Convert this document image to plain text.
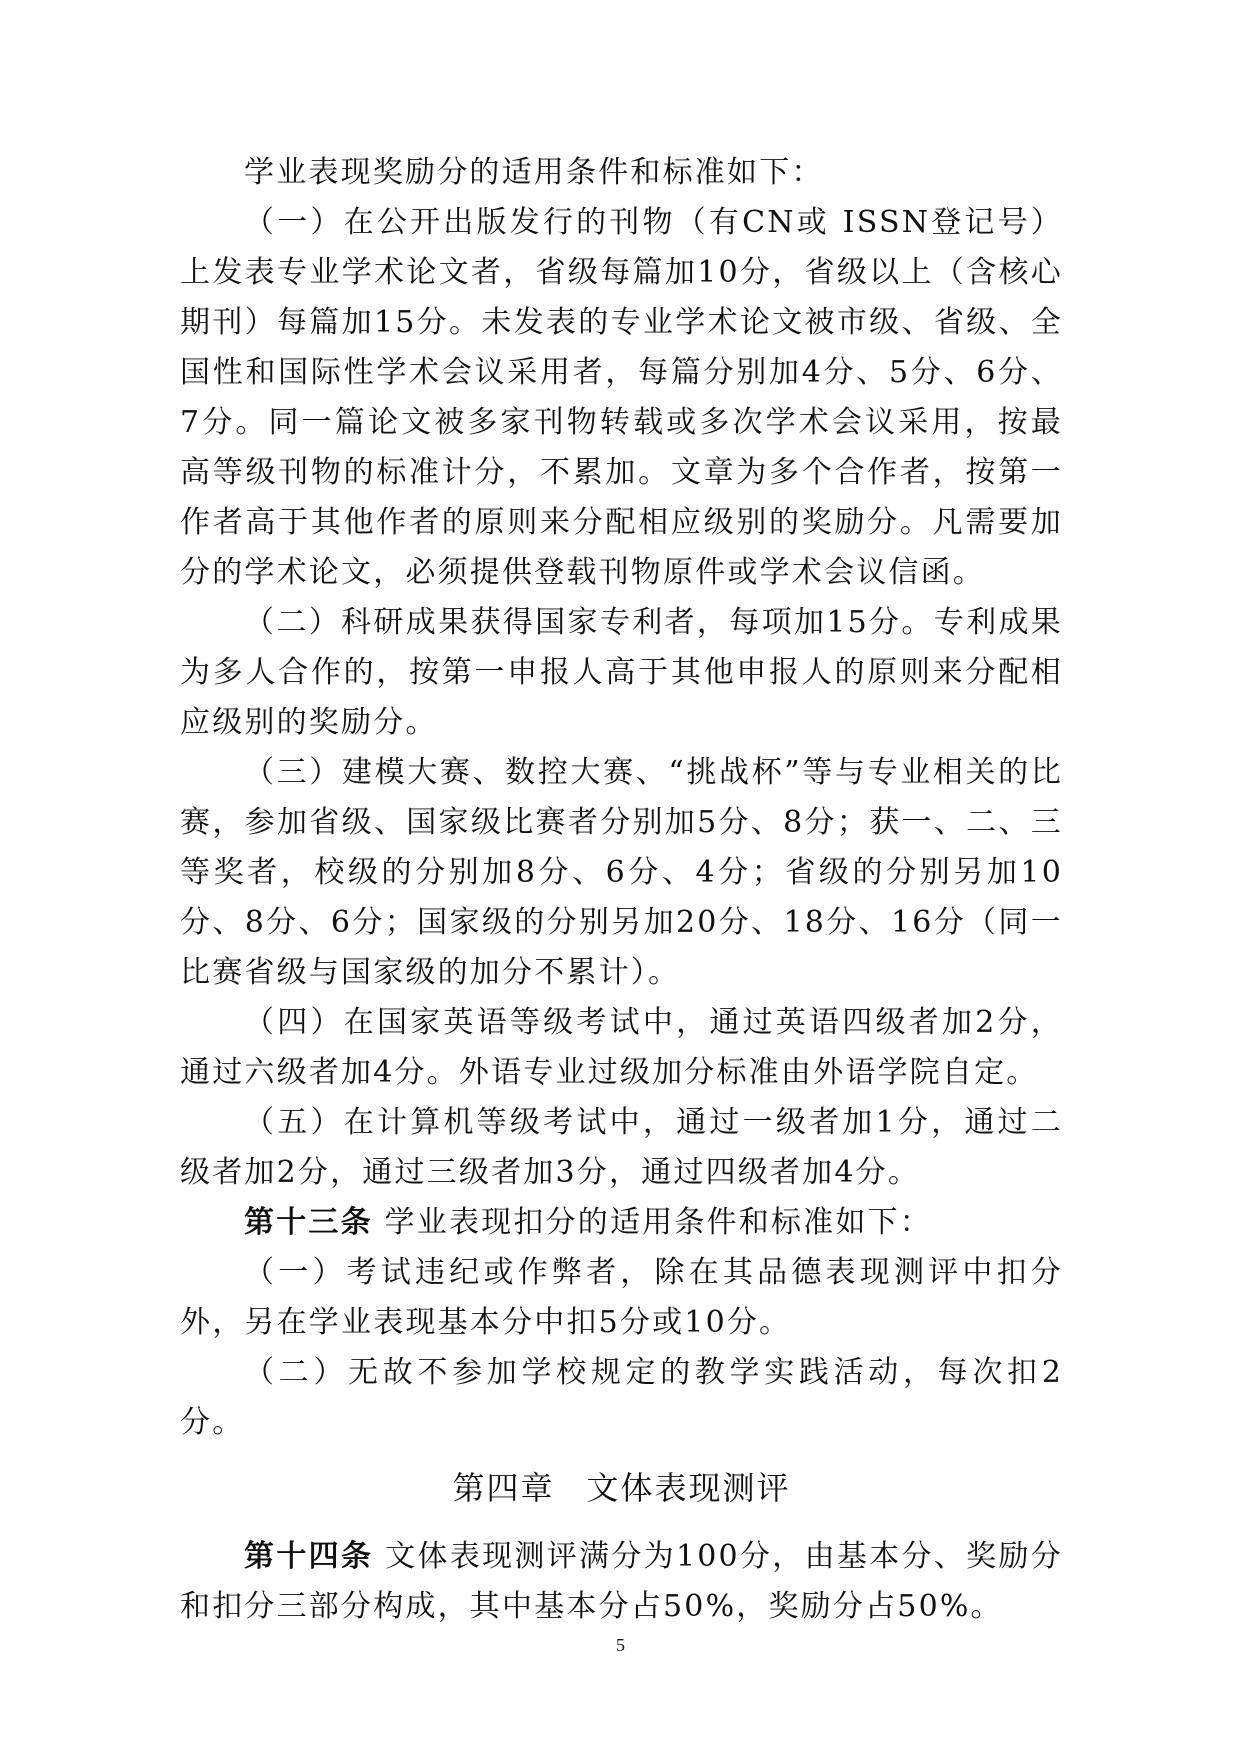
学业表现奖励分的适用条件和标准如下：

（一）在公开出版发行的刊物（有CN或 ISSN登记号）上发表专业学术论文者，省级每篇加10分，省级以上（含核心期刊）每篇加15分。未发表的专业学术论文被市级、省级、全国性和国际性学术会议采用者，每篇分别加4分、5分、6分、7分。同一篇论文被多家刊物转载或多次学术会议采用，按最高等级刊物的标准计分，不累加。文章为多个合作者，按第一作者高于其他作者的原则来分配相应级别的奖励分。凡需要加分的学术论文，必须提供登载刊物原件或学术会议信函。

（二）科研成果获得国家专利者，每项加15分。专利成果为多人合作的，按第一申报人高于其他申报人的原则来分配相应级别的奖励分。

（三）建模大赛、数控大赛、“挑战杯”等与专业相关的比赛，参加省级、国家级比赛者分别加5分、8分；获一、二、三等奖者，校级的分别加8分、6分、4分；省级的分别另加10分、8分、6分；国家级的分别另加20分、18分、16分（同一比赛省级与国家级的加分不累计）。

（四）在国家英语等级考试中，通过英语四级者加2分，通过六级者加4分。外语专业过级加分标准由外语学院自定。

（五）在计算机等级考试中，通过一级者加1分，通过二级者加2分，通过三级者加3分，通过四级者加4分。

第十三条 学业表现扣分的适用条件和标准如下：

（一）考试违纪或作弊者，除在其品德表现测评中扣分外，另在学业表现基本分中扣5分或10分。

（二）无故不参加学校规定的教学实践活动，每次扣2分。

第四章 文体表现测评

第十四条 文体表现测评满分为100分，由基本分、奖励分和扣分三部分构成，其中基本分占50%，奖励分占50%。

5
